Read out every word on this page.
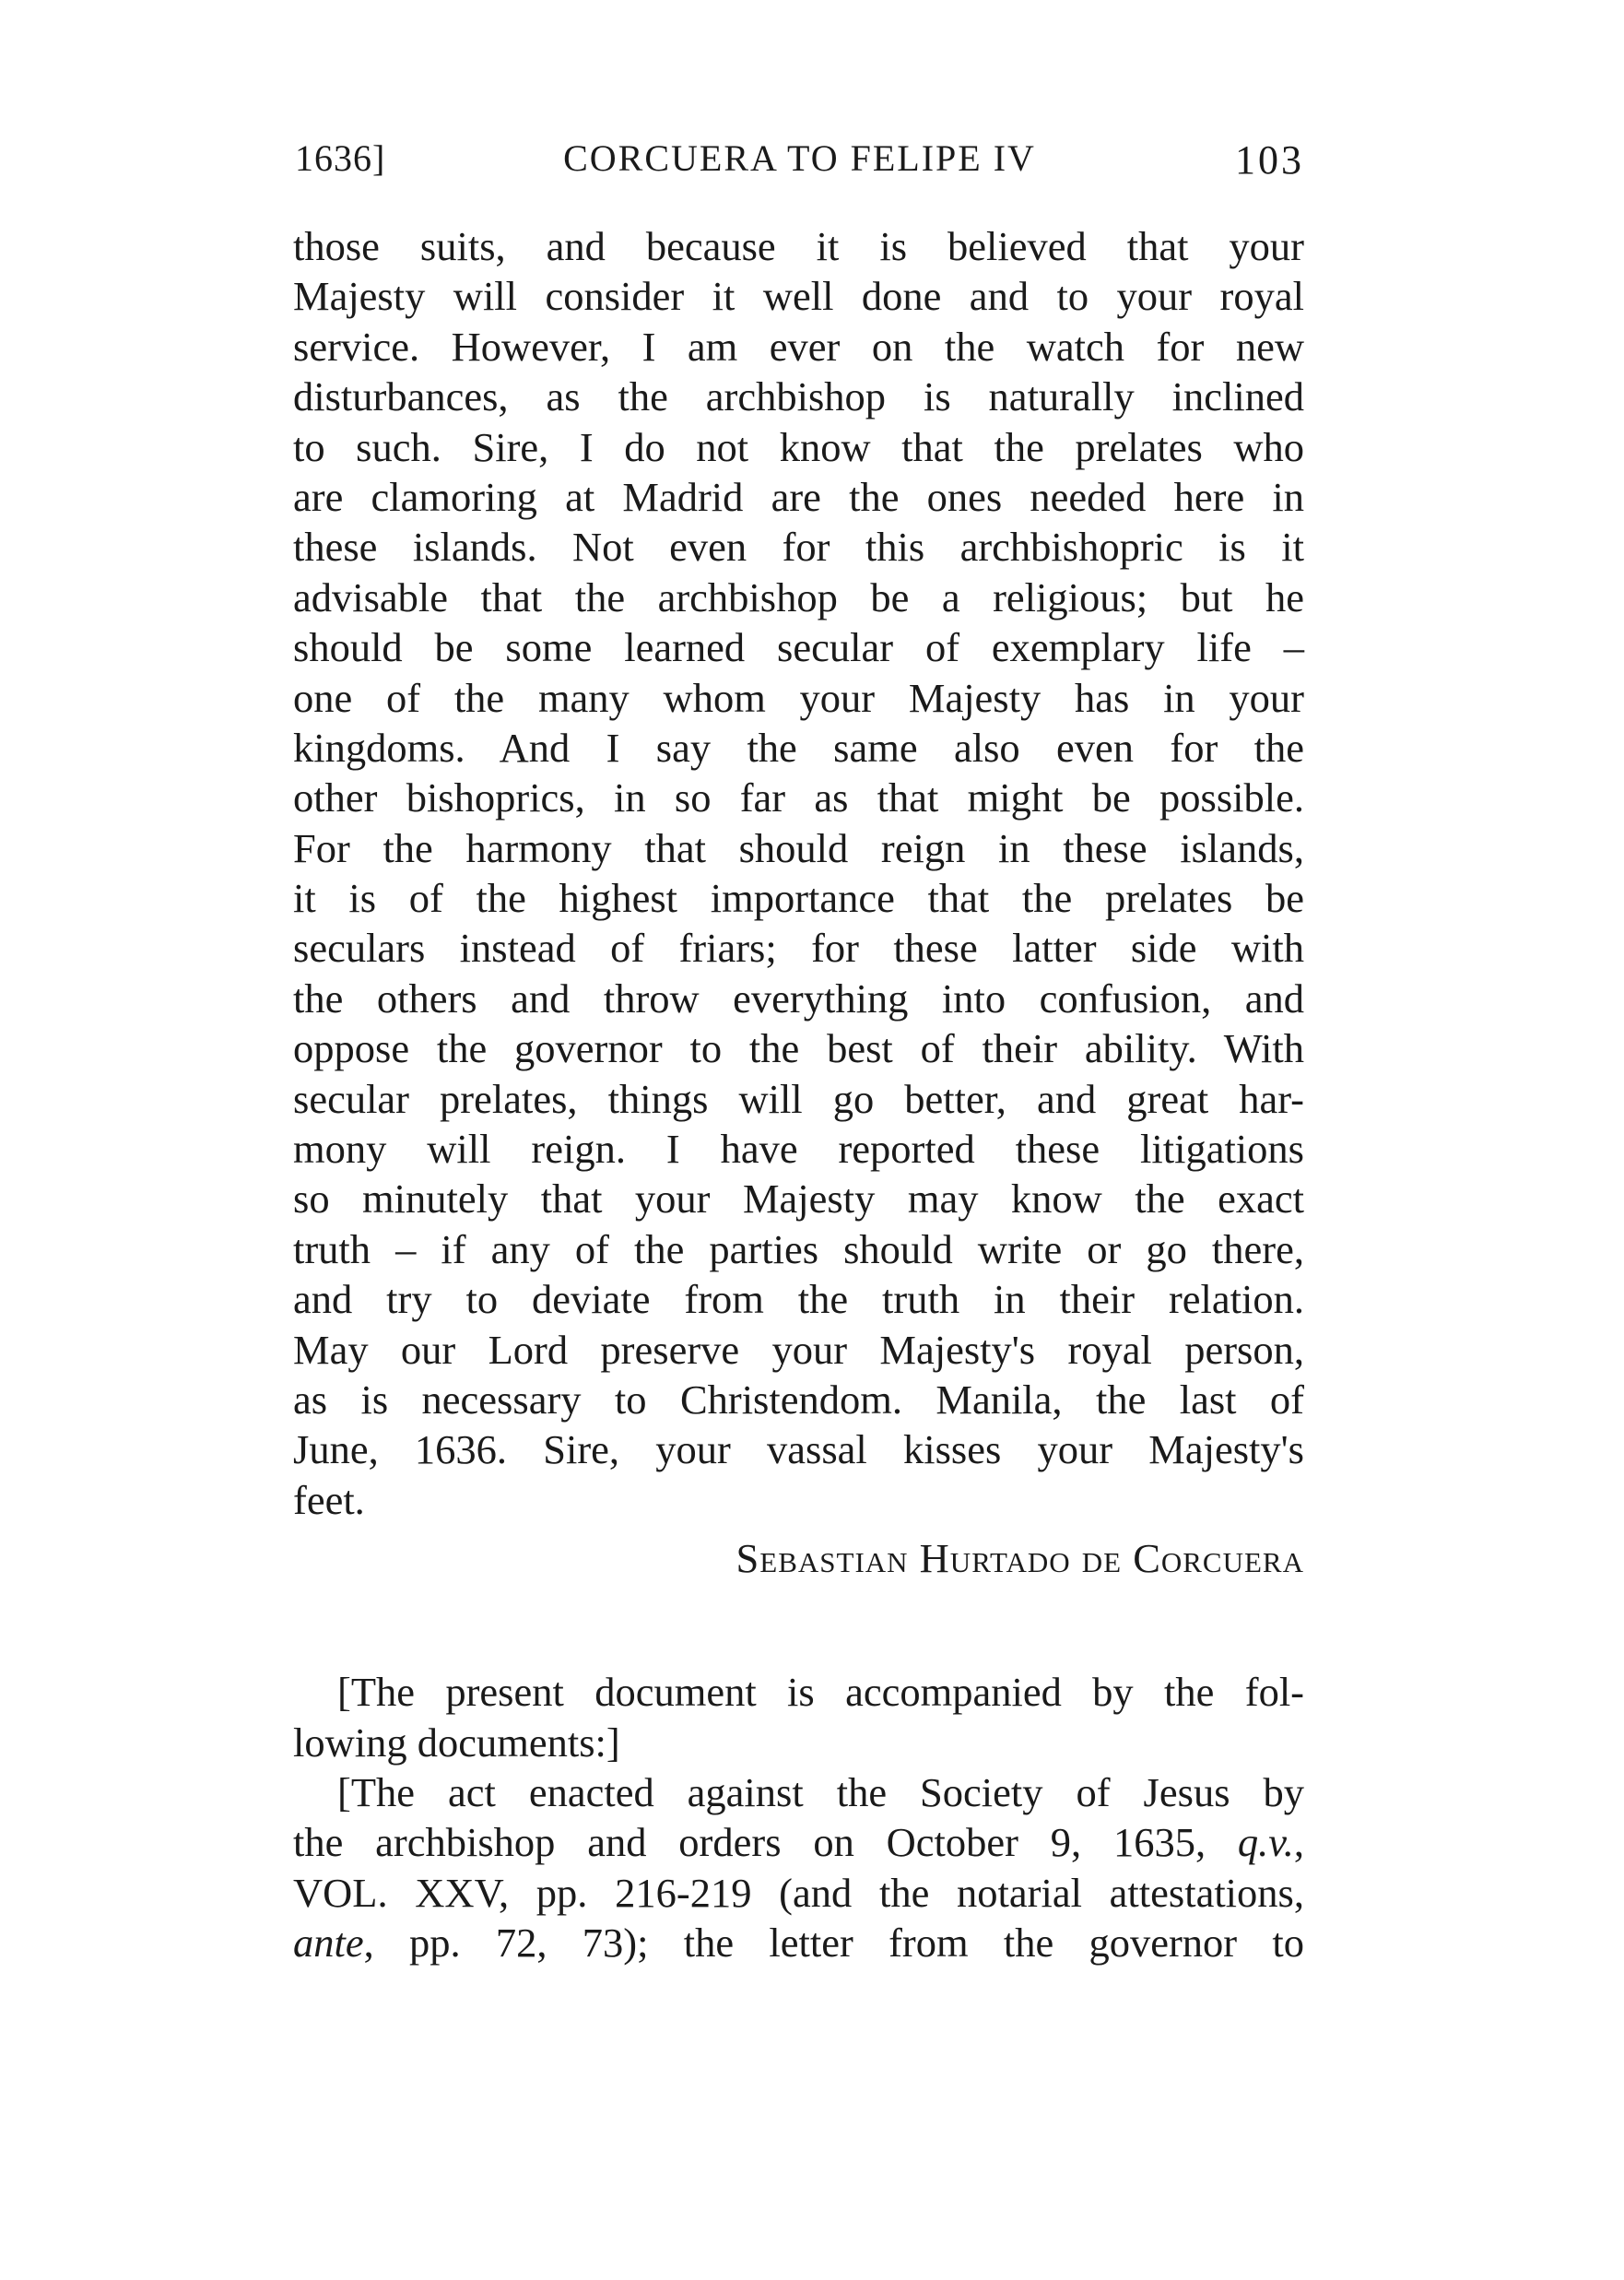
1636]	CORCUERA TO FELIPE IV	103
those suits, and because it is believed that your
Majesty will consider it well done and to your royal
service. However, I am ever on the watch for new
disturbances, as the archbishop is naturally inclined
to such. Sire, I do not know that the prelates who
are clamoring at Madrid are the ones needed here in
these islands. Not even for this archbishopric is it
advisable that the archbishop be a religious; but he
should be some learned secular of exemplary life –
one of the many whom your Majesty has in your
kingdoms. And I say the same also even for the
other bishoprics, in so far as that might be possible.
For the harmony that should reign in these islands,
it is of the highest importance that the prelates be
seculars instead of friars; for these latter side with
the others and throw everything into confusion, and
oppose the governor to the best of their ability. With
secular prelates, things will go better, and great har-
mony will reign. I have reported these litigations
so minutely that your Majesty may know the exact
truth – if any of the parties should write or go there,
and try to deviate from the truth in their relation.
May our Lord preserve your Majesty's royal person,
as is necessary to Christendom. Manila, the last of
June, 1636. Sire, your vassal kisses your Majesty's
feet.
Sebastian Hurtado de Corcuera
[The present document is accompanied by the fol-
lowing documents:]
[The act enacted against the Society of Jesus by
the archbishop and orders on October 9, 1635, q.v.,
VOL. XXV, pp. 216-219 (and the notarial attestations,
ante, pp. 72, 73); the letter from the governor to
